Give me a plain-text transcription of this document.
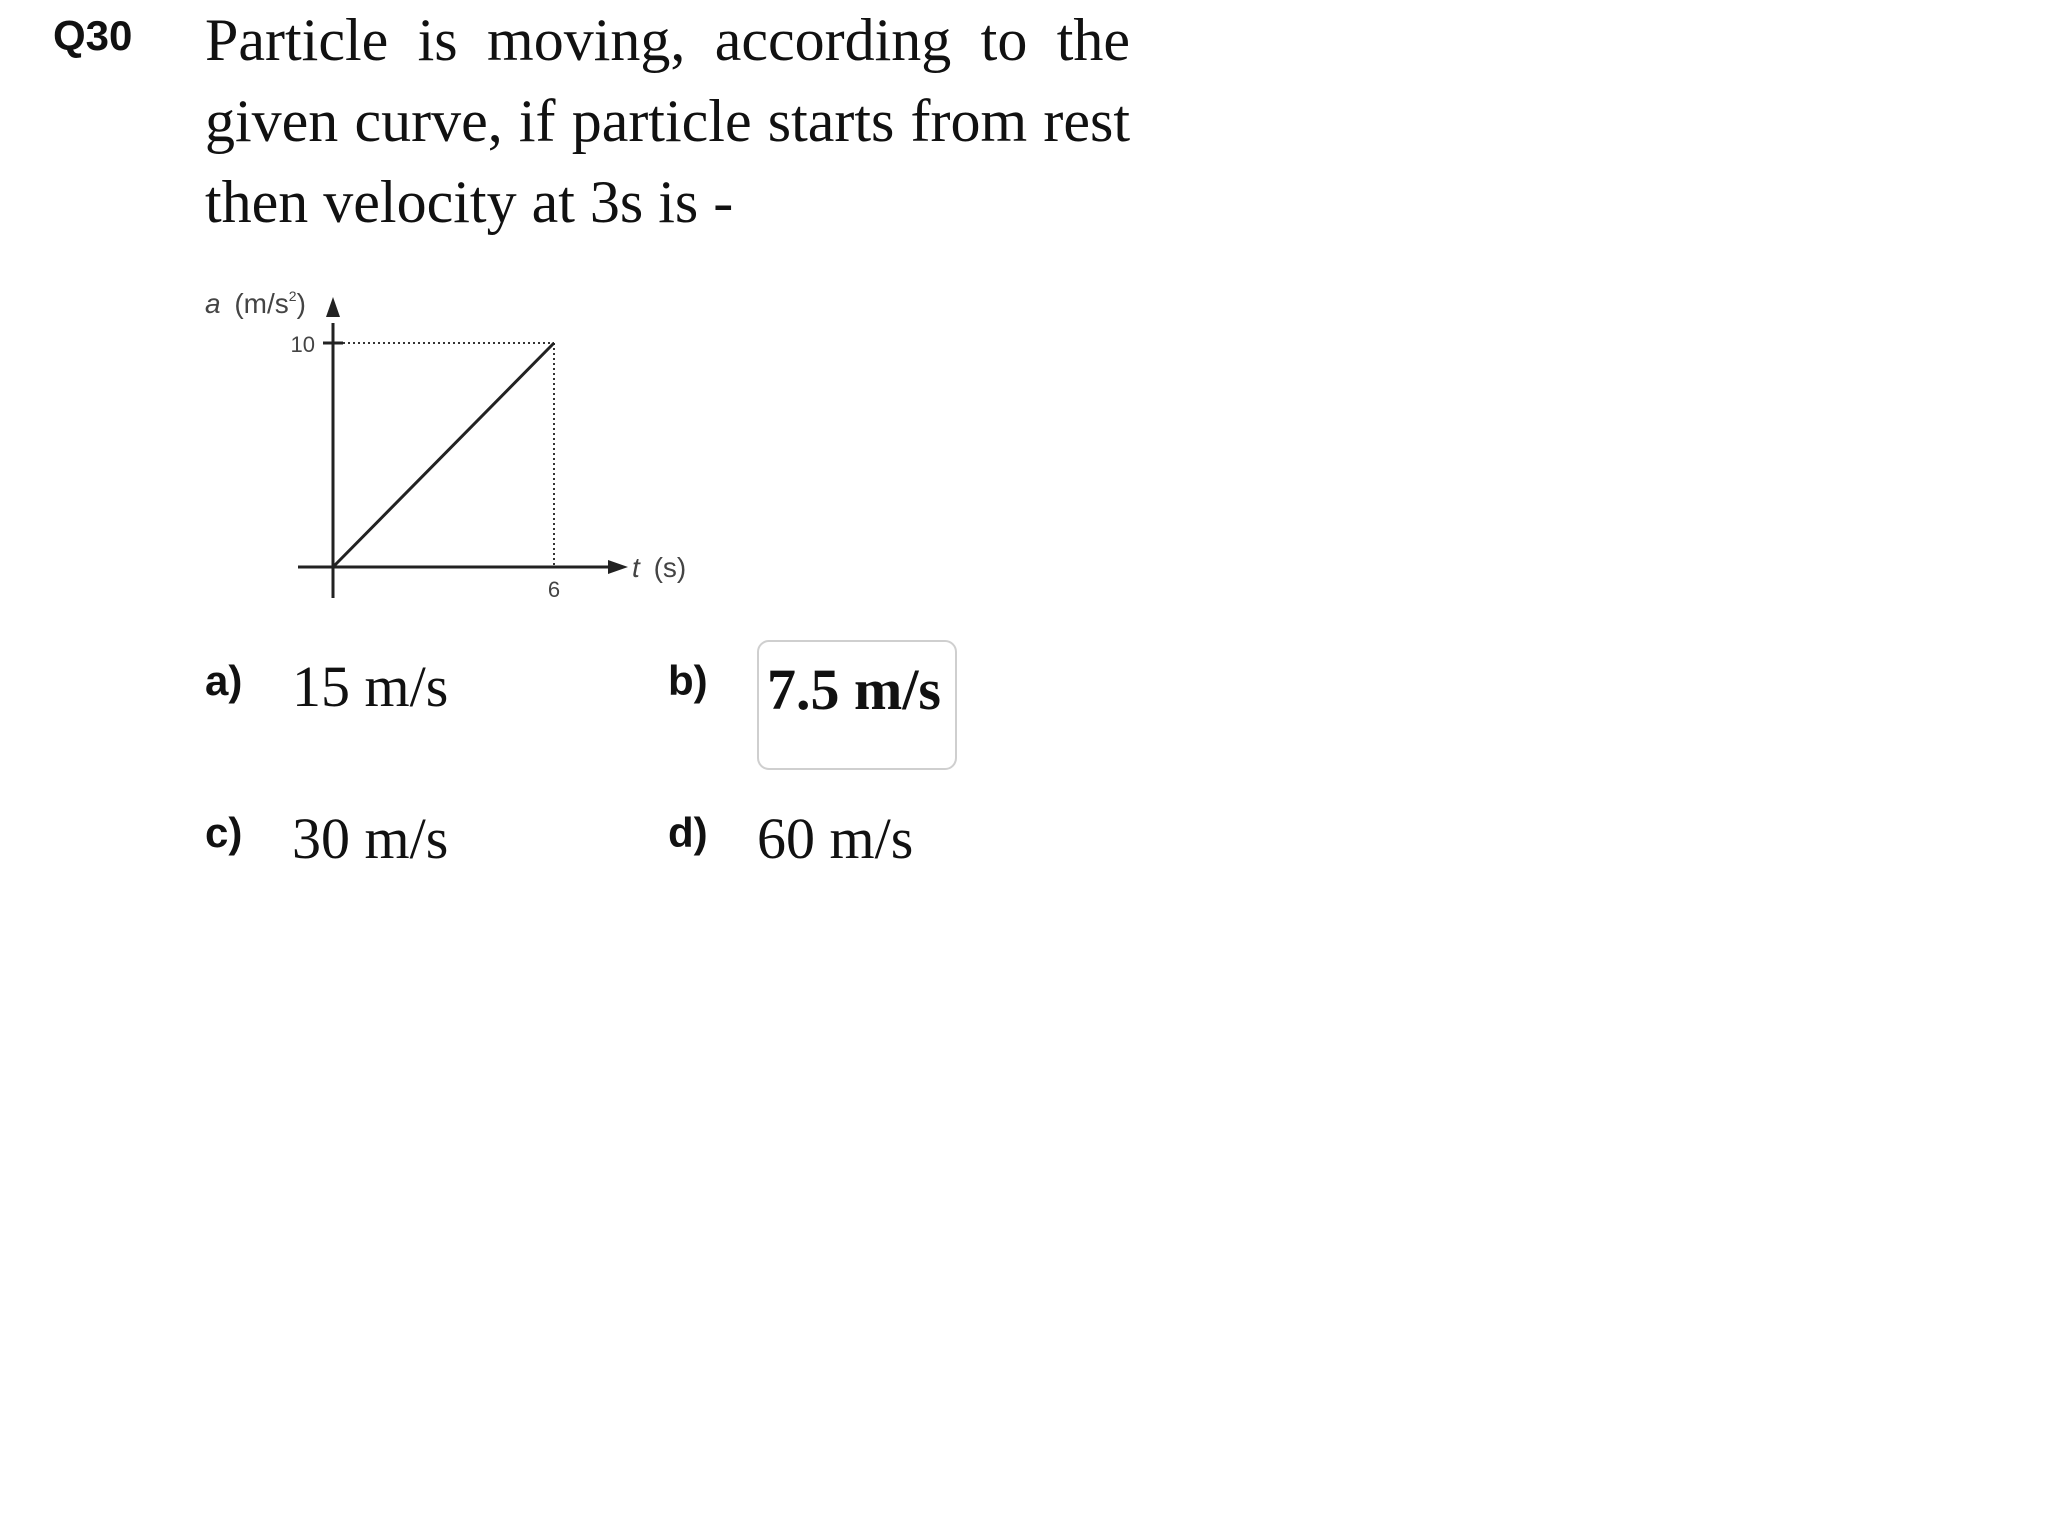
Q30 Particle is moving, according to the given curve, if particle starts from rest then velocity at 3s is -
a $(m/s^2)$
t (s)
10
6
a) 15 m/s	b) 7.5 m/s
c) 30 m/s	d) 60 m/s
